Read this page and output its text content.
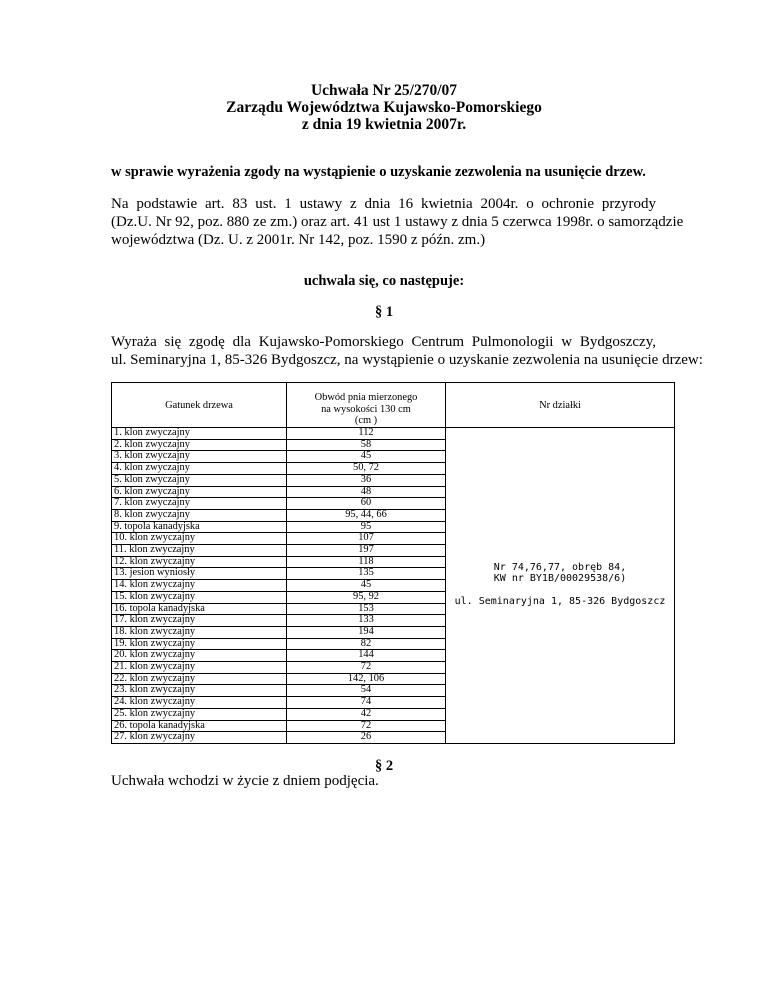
Uchwała Nr 25/270/07
Zarządu Województwa Kujawsko-Pomorskiego
z dnia 19 kwietnia 2007r.
w sprawie wyrażenia zgody na wystąpienie o uzyskanie zezwolenia na usunięcie drzew.
Na podstawie art. 83 ust. 1 ustawy z dnia 16 kwietnia 2004r. o ochronie przyrody
(Dz.U. Nr 92, poz. 880 ze zm.) oraz art. 41 ust 1 ustawy z dnia 5 czerwca 1998r. o samorządzie
województwa (Dz. U. z 2001r. Nr 142, poz. 1590 z późn. zm.)
uchwala się, co następuje:
§ 1
Wyraża się zgodę dla Kujawsko-Pomorskiego Centrum Pulmonologii w Bydgoszczy,
ul. Seminaryjna 1, 85-326 Bydgoszcz, na wystąpienie o uzyskanie zezwolenia na usunięcie drzew:
Gatunek drzewa	Obwód pnia mierzonego
na wysokości 130 cm
(cm )	Nr działki
1. klon zwyczajny	112	Nr 74,76,77, obręb 84,
KW nr BY1B/00029538/6)
ul. Seminaryjna 1, 85-326 Bydgoszcz

2. klon zwyczajny	58	
3. klon zwyczajny	45	
4. klon zwyczajny	50, 72	
5. klon zwyczajny	36	
6. klon zwyczajny	48	
7. klon zwyczajny	60	
8. klon zwyczajny	95, 44, 66	
9. topola kanadyjska	95	
10. klon zwyczajny	107	
11. klon zwyczajny	197	
12. klon zwyczajny	118	
13. jesion wyniosły	135	
14. klon zwyczajny	45	
15. klon zwyczajny	95, 92	
16. topola kanadyjska	153	
17. klon zwyczajny	133	
18. klon zwyczajny	194	
19. klon zwyczajny	82	
20. klon zwyczajny	144	
21. klon zwyczajny	72	
22. klon zwyczajny	142, 106	
23. klon zwyczajny	54	
24. klon zwyczajny	74	
25. klon zwyczajny	42	
26. topola kanadyjska	72	
27. klon zwyczajny	26	
§ 2
Uchwała wchodzi w życie z dniem podjęcia.
